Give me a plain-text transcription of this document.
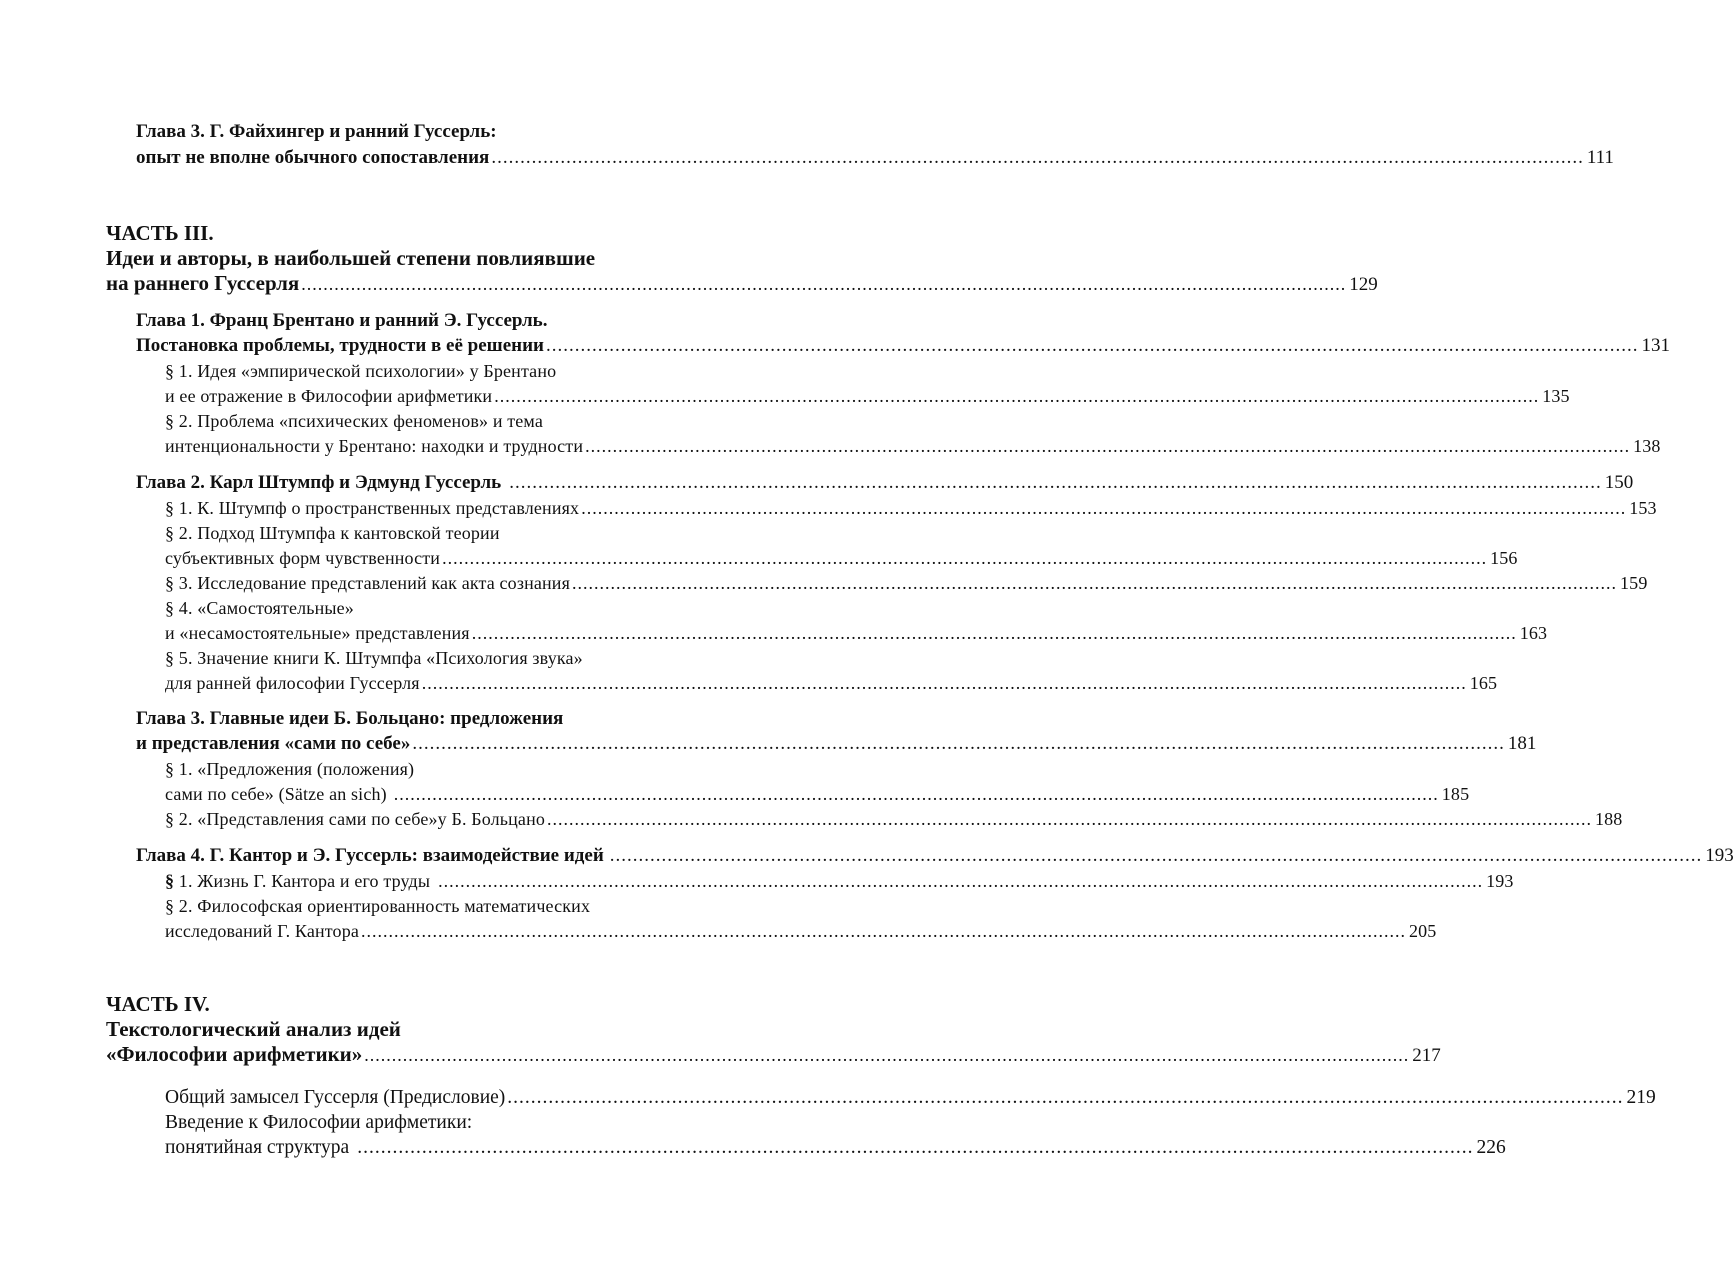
Глава 3. Г. Файхингер и ранний Гуссерль:
опыт не вполне обычного сопоставления .............................................................................................................................................................................................. 111
ЧАСТЬ III.
Идеи и авторы, в наибольшей степени повлиявшие
на раннего Гуссерля .............................................................................................................................................................................................. 129
Глава 1. Франц Брентано и ранний Э. Гуссерль.
Постановка проблемы, трудности в её решении .............................................................................................................................................................................................. 131
§ 1. Идея «эмпирической психологии» у Брентано
и ее отражение в Философии арифметики .............................................................................................................................................................................................. 135
§ 2. Проблема «психических феноменов» и тема
интенциональности у Брентано: находки и трудности .............................................................................................................................................................................................. 138
Глава 2. Карл Штумпф и Эдмунд Гуссерль .............................................................................................................................................................................................. 150
§ 1. К. Штумпф о пространственных представлениях .............................................................................................................................................................................................. 153
§ 2. Подход Штумпфа к кантовской теории
субъективных форм чувственности .............................................................................................................................................................................................. 156
§ 3. Исследование представлений как акта сознания .............................................................................................................................................................................................. 159
§ 4. «Самостоятельные»
и «несамостоятельные» представления .............................................................................................................................................................................................. 163
§ 5. Значение книги К. Штумпфа «Психология звука»
для ранней философии Гуссерля .............................................................................................................................................................................................. 165
Глава 3. Главные идеи Б. Больцано: предложения
и представления «сами по себе» .............................................................................................................................................................................................. 181
§ 1. «Предложения (положения)
сами по себе» (Sätze an sich) .............................................................................................................................................................................................. 185
§ 2. «Представления сами по себе»у Б. Больцано .............................................................................................................................................................................................. 188
Глава 4. Г. Кантор и Э. Гуссерль: взаимодействие идей .............................................................................................................................................................................................. 193
§ 1. Жизнь Г. Кантора и его труды .............................................................................................................................................................................................. 193
§ 2. Философская ориентированность математических
исследований Г. Кантора .............................................................................................................................................................................................. 205
ЧАСТЬ IV.
Текстологический анализ идей
«Философии арифметики» .............................................................................................................................................................................................. 217
Общий замысел Гуссерля (Предисловие) .............................................................................................................................................................................................. 219
Введение к Философии арифметики:
понятийная структура .............................................................................................................................................................................................. 226
